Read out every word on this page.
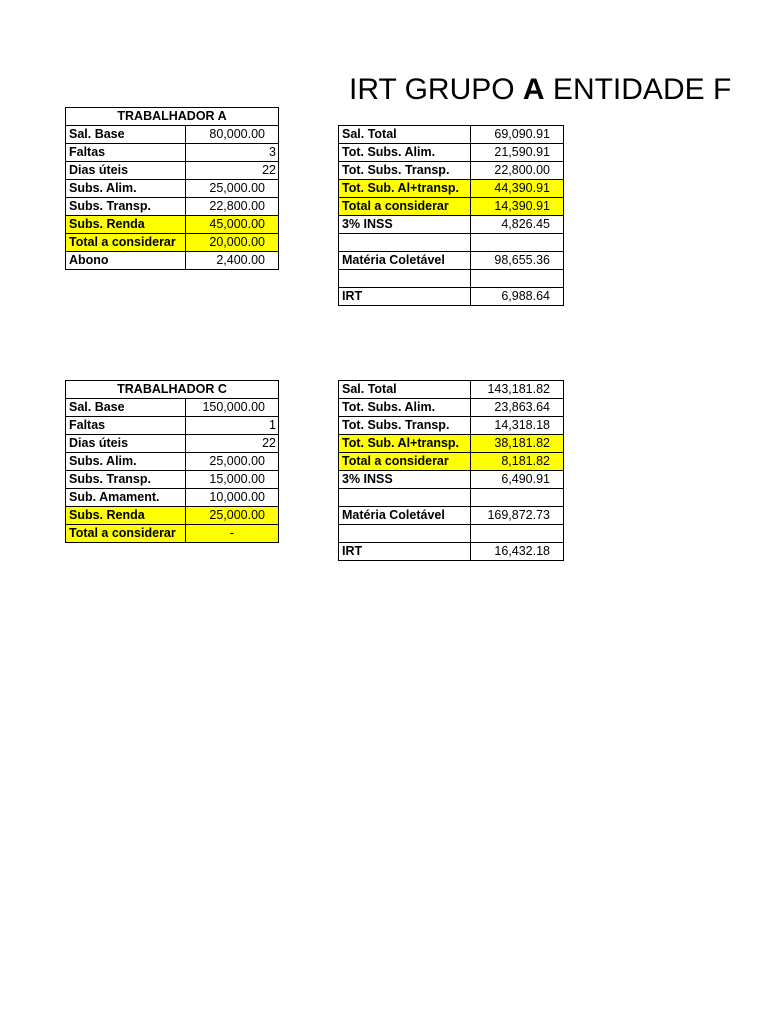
IRT GRUPO A ENTIDADE F
TRABALHADOR A	
Sal. Base	80,000.00
Faltas	3
Dias úteis	22
Subs. Alim.	25,000.00
Subs. Transp.	22,800.00
Subs. Renda	45,000.00
Total a considerar	20,000.00
Abono	2,400.00
Sal. Total	69,090.91
Tot. Subs. Alim.	21,590.91
Tot. Subs. Transp.	22,800.00
Tot. Sub. Al+transp.	44,390.91
Total a considerar	14,390.91
3% INSS	4,826.45

Matéria Coletável	98,655.36

IRT	6,988.64
TRABALHADOR C	
Sal. Base	150,000.00
Faltas	1
Dias úteis	22
Subs. Alim.	25,000.00
Subs. Transp.	15,000.00
Sub. Amament.	10,000.00
Subs. Renda	25,000.00
Total a considerar	-
Sal. Total	143,181.82
Tot. Subs. Alim.	23,863.64
Tot. Subs. Transp.	14,318.18
Tot. Sub. Al+transp.	38,181.82
Total a considerar	8,181.82
3% INSS	6,490.91

Matéria Coletável	169,872.73

IRT	16,432.18
